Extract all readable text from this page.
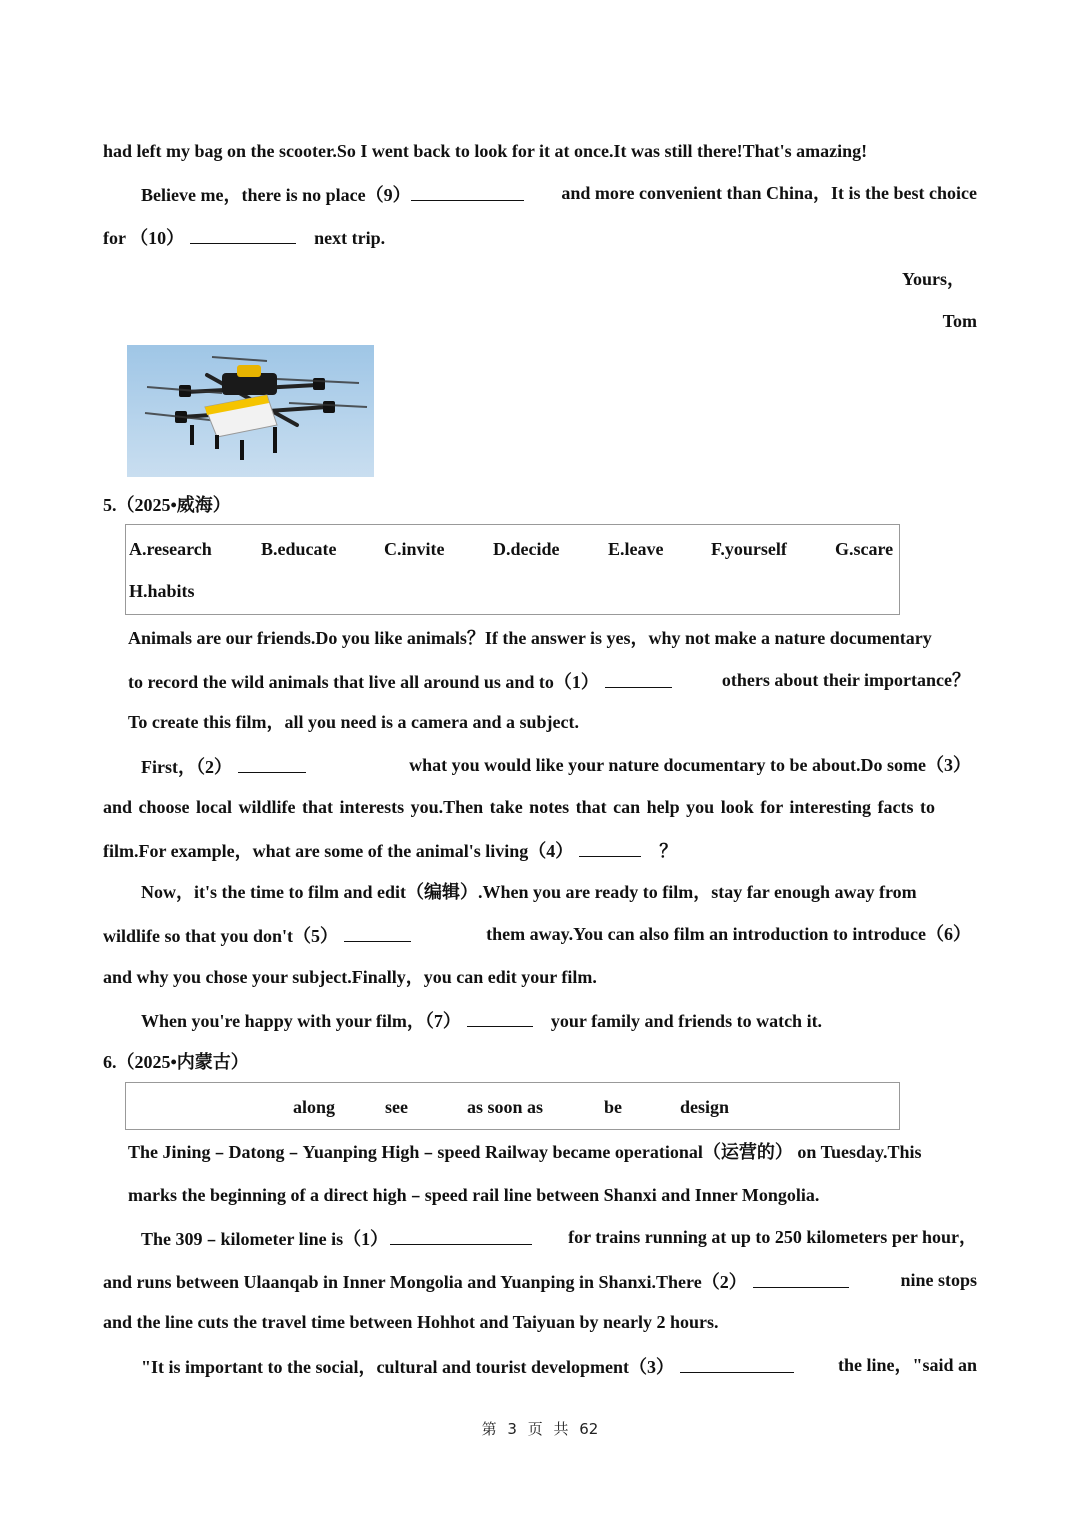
had left my bag on the scooter.So I went back to look for it at once.It was still there!That's amazing!
Believe me，there is no place（9）	and more convenient than China，It is the best choice
for （10）	next trip.
Yours，
Tom
5.（2025•威海）
A.research	B.educate	C.invite	D.decide	E.leave	F.yourself	G.scare
H.habits
Animals are our friends.Do you like animals？If the answer is yes，why not make a nature documentary
to record the wild animals that live all around us and to（1）	others about their importance？
To create this film，all you need is a camera and a subject.
First，（2）	what you would like your nature documentary to be about.Do some（3）
and choose local wildlife that interests you.Then take notes that can help you look for interesting facts to
film.For example，what are some of the animal's living（4）	？
Now，it's the time to film and edit（编辑）.When you are ready to film，stay far enough away from
wildlife so that you don't（5）	them away.You can also film an introduction to introduce（6）
and why you chose your subject.Finally，you can edit your film.
When you're happy with your film，（7）	your family and friends to watch it.
6.（2025•内蒙古）
along	see	as soon as	be	design
The Jining﹣Datong﹣Yuanping High﹣speed Railway became operational（运营的） on Tuesday.This
marks the beginning of a direct high﹣speed rail line between Shanxi and Inner Mongolia.
The 309﹣kilometer line is（1）	for trains running at up to 250 kilometers per hour，
and runs between Ulaanqab in Inner Mongolia and Yuanping in Shanxi.There（2）	nine stops
and the line cuts the travel time between Hohhot and Taiyuan by nearly 2 hours.
"It is important to the social，cultural and tourist development（3）	the line，"said an
第 3 页 共 62
